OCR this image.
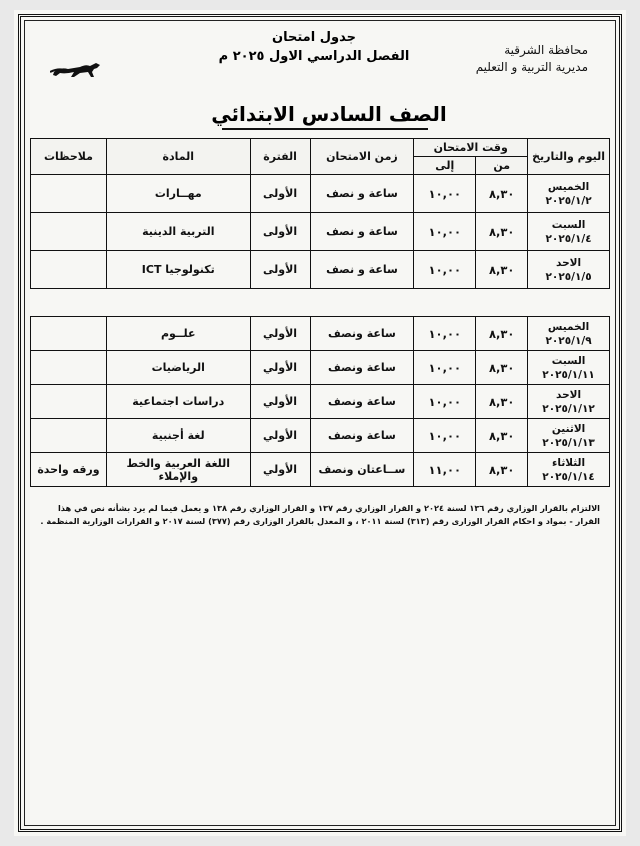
محافظة الشرقية
مديرية التربية و التعليم
جدول امتحان
الفصل الدراسي الاول ٢٠٢٥ م
الصف السادس الابتدائي
اليوم والتاريخ	وقت الامتحان		زمن الامتحان	الفترة	المادة	ملاحظات
	من	إلى				

الخميس
٢٠٢٥/١/٢	٨,٣٠	١٠,٠٠	ساعة و نصف	الأولى	مهــارات	

السبت
٢٠٢٥/١/٤	٨,٣٠	١٠,٠٠	ساعة و نصف	الأولى	التربية الدينية	

الاحد
٢٠٢٥/١/٥	٨,٣٠	١٠,٠٠	ساعة و نصف	الأولى	تكنولوجيا ICT	
الخميس
٢٠٢٥/١/٩	٨,٣٠	١٠,٠٠	ساعة ونصف	الأولي	علــوم	

السبت
٢٠٢٥/١/١١	٨,٣٠	١٠,٠٠	ساعة ونصف	الأولي	الرياضيات	

الاحد
٢٠٢٥/١/١٢	٨,٣٠	١٠,٠٠	ساعة ونصف	الأولي	دراسات اجتماعية	

الاثنين
٢٠٢٥/١/١٣	٨,٣٠	١٠,٠٠	ساعة ونصف	الأولي	لغة أجنبية	

الثلاثاء
٢٠٢٥/١/١٤	٨,٣٠	١١,٠٠	ســاعتان ونصف	الأولي	اللغة العربية والخط والإملاء	ورقه واحدة
الالتزام بالقرار الوزاري رقم ١٣٦ لسنة ٢٠٢٤ و القرار الوزاري رقم ١٣٧ و القرار الوزاري رقم ١٣٨ و يعمل فيما لم يرد بشأنه نص في هذا القرار - بمواد و احكام القرار الوزارى رقم (٣١٣) لسنة ٢٠١١ ، و المعدل بالقرار الوزارى رقم (٣٧٧) لسنة ٢٠١٧ و القرارات الوزارية المنظمة .
